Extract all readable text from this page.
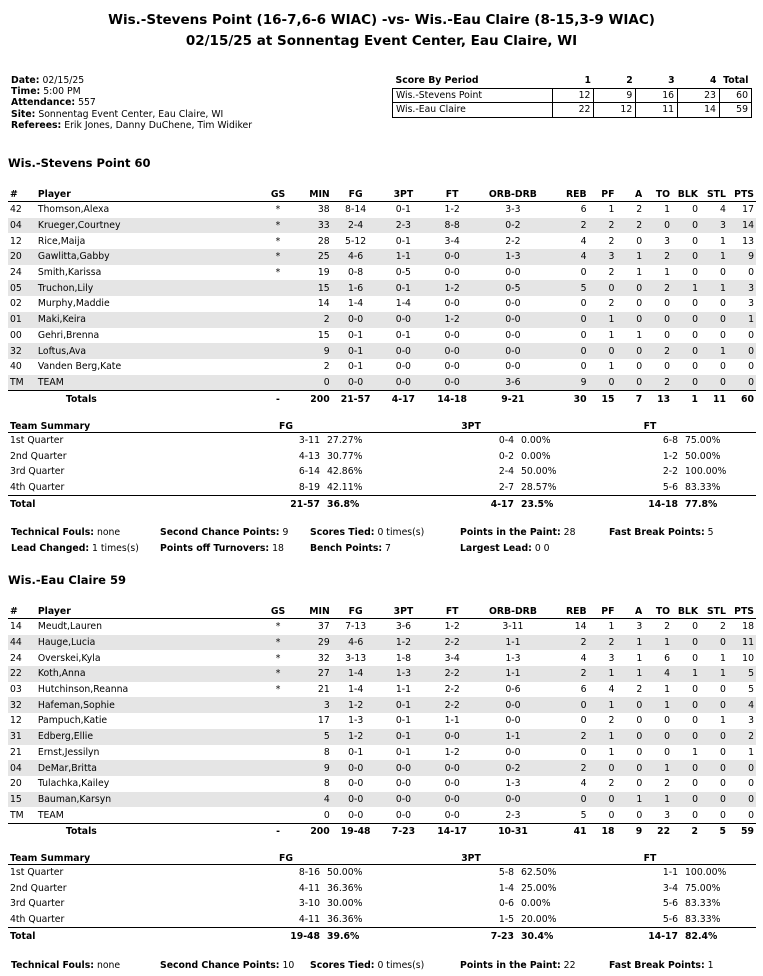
Wis.-Stevens Point (16-7,6-6 WIAC) -vs- Wis.-Eau Claire (8-15,3-9 WIAC)
02/15/25 at Sonnentag Event Center, Eau Claire, WI
Date: 02/15/25
Time: 5:00 PM
Attendance: 557
Site: Sonnentag Event Center, Eau Claire, WI
Referees: Erik Jones, Danny DuChene, Tim Widiker
Score By Period	1	2	3	4	Total
Wis.-Stevens Point	12	9	16	23	60
Wis.-Eau Claire	22	12	11	14	59
Wis.-Stevens Point 60
#	Player	GS	MIN	FG	3PT	FT	ORB-DRB	REB	PF	A	TO	BLK	STL	PTS
42	Thomson,Alexa	*	38	8-14	0-1	1-2	3-3	6	1	2	1	0	4	17
04	Krueger,Courtney	*	33	2-4	2-3	8-8	0-2	2	2	2	0	0	3	14
12	Rice,Maija	*	28	5-12	0-1	3-4	2-2	4	2	0	3	0	1	13
20	Gawlitta,Gabby	*	25	4-6	1-1	0-0	1-3	4	3	1	2	0	1	9
24	Smith,Karissa	*	19	0-8	0-5	0-0	0-0	0	2	1	1	0	0	0
05	Truchon,Lily		15	1-6	0-1	1-2	0-5	5	0	0	2	1	1	3
02	Murphy,Maddie		14	1-4	1-4	0-0	0-0	0	2	0	0	0	0	3
01	Maki,Keira		2	0-0	0-0	1-2	0-0	0	1	0	0	0	0	1
00	Gehri,Brenna		15	0-1	0-1	0-0	0-0	0	1	1	0	0	0	0
32	Loftus,Ava		9	0-1	0-0	0-0	0-0	0	0	0	2	0	1	0
40	Vanden Berg,Kate		2	0-1	0-0	0-0	0-0	0	1	0	0	0	0	0
TM	TEAM		0	0-0	0-0	0-0	3-6	9	0	0	2	0	0	0
	Totals	-	200	21-57	4-17	14-18	9-21	30	15	7	13	1	11	60
Team Summary		FG		3PT		FT	
1st Quarter		3-11	27.27%	0-4	0.00%	6-8	75.00%
2nd Quarter		4-13	30.77%	0-2	0.00%	1-2	50.00%
3rd Quarter		6-14	42.86%	2-4	50.00%	2-2	100.00%
4th Quarter		8-19	42.11%	2-7	28.57%	5-6	83.33%
Total		21-57	36.8%	4-17	23.5%	14-18	77.8%
Technical Fouls: none	Second Chance Points: 9 Scores Tied: 0 times(s)	Points in the Paint: 28	Fast Break Points: 5
Lead Changed: 1 times(s) Points off Turnovers: 18	Bench Points: 7	Largest Lead: 0 0
Wis.-Eau Claire 59
#	Player	GS	MIN	FG	3PT	FT	ORB-DRB	REB	PF	A	TO	BLK	STL	PTS
14	Meudt,Lauren	*	37	7-13	3-6	1-2	3-11	14	1	3	2	0	2	18
44	Hauge,Lucia	*	29	4-6	1-2	2-2	1-1	2	2	1	1	0	0	11
24	Overskei,Kyla	*	32	3-13	1-8	3-4	1-3	4	3	1	6	0	1	10
22	Koth,Anna	*	27	1-4	1-3	2-2	1-1	2	1	1	4	1	1	5
03	Hutchinson,Reanna	*	21	1-4	1-1	2-2	0-6	6	4	2	1	0	0	5
32	Hafeman,Sophie		3	1-2	0-1	2-2	0-0	0	1	0	1	0	0	4
12	Pampuch,Katie		17	1-3	0-1	1-1	0-0	0	2	0	0	0	1	3
31	Edberg,Ellie		5	1-2	0-1	0-0	1-1	2	1	0	0	0	0	2
21	Ernst,Jessilyn		8	0-1	0-1	1-2	0-0	0	1	0	0	1	0	1
04	DeMar,Britta		9	0-0	0-0	0-0	0-2	2	0	0	1	0	0	0
20	Tulachka,Kailey		8	0-0	0-0	0-0	1-3	4	2	0	2	0	0	0
15	Bauman,Karsyn		4	0-0	0-0	0-0	0-0	0	0	1	1	0	0	0
TM	TEAM		0	0-0	0-0	0-0	2-3	5	0	0	3	0	0	0
	Totals	-	200	19-48	7-23	14-17	10-31	41	18	9	22	2	5	59
Team Summary		FG		3PT		FT	
1st Quarter		8-16	50.00%	5-8	62.50%	1-1	100.00%
2nd Quarter		4-11	36.36%	1-4	25.00%	3-4	75.00%
3rd Quarter		3-10	30.00%	0-6	0.00%	5-6	83.33%
4th Quarter		4-11	36.36%	1-5	20.00%	5-6	83.33%
Total		19-48	39.6%	7-23	30.4%	14-17	82.4%
Technical Fouls: none	Second Chance Points: 10 Scores Tied: 0 times(s)	Points in the Paint: 22	Fast Break Points: 1
